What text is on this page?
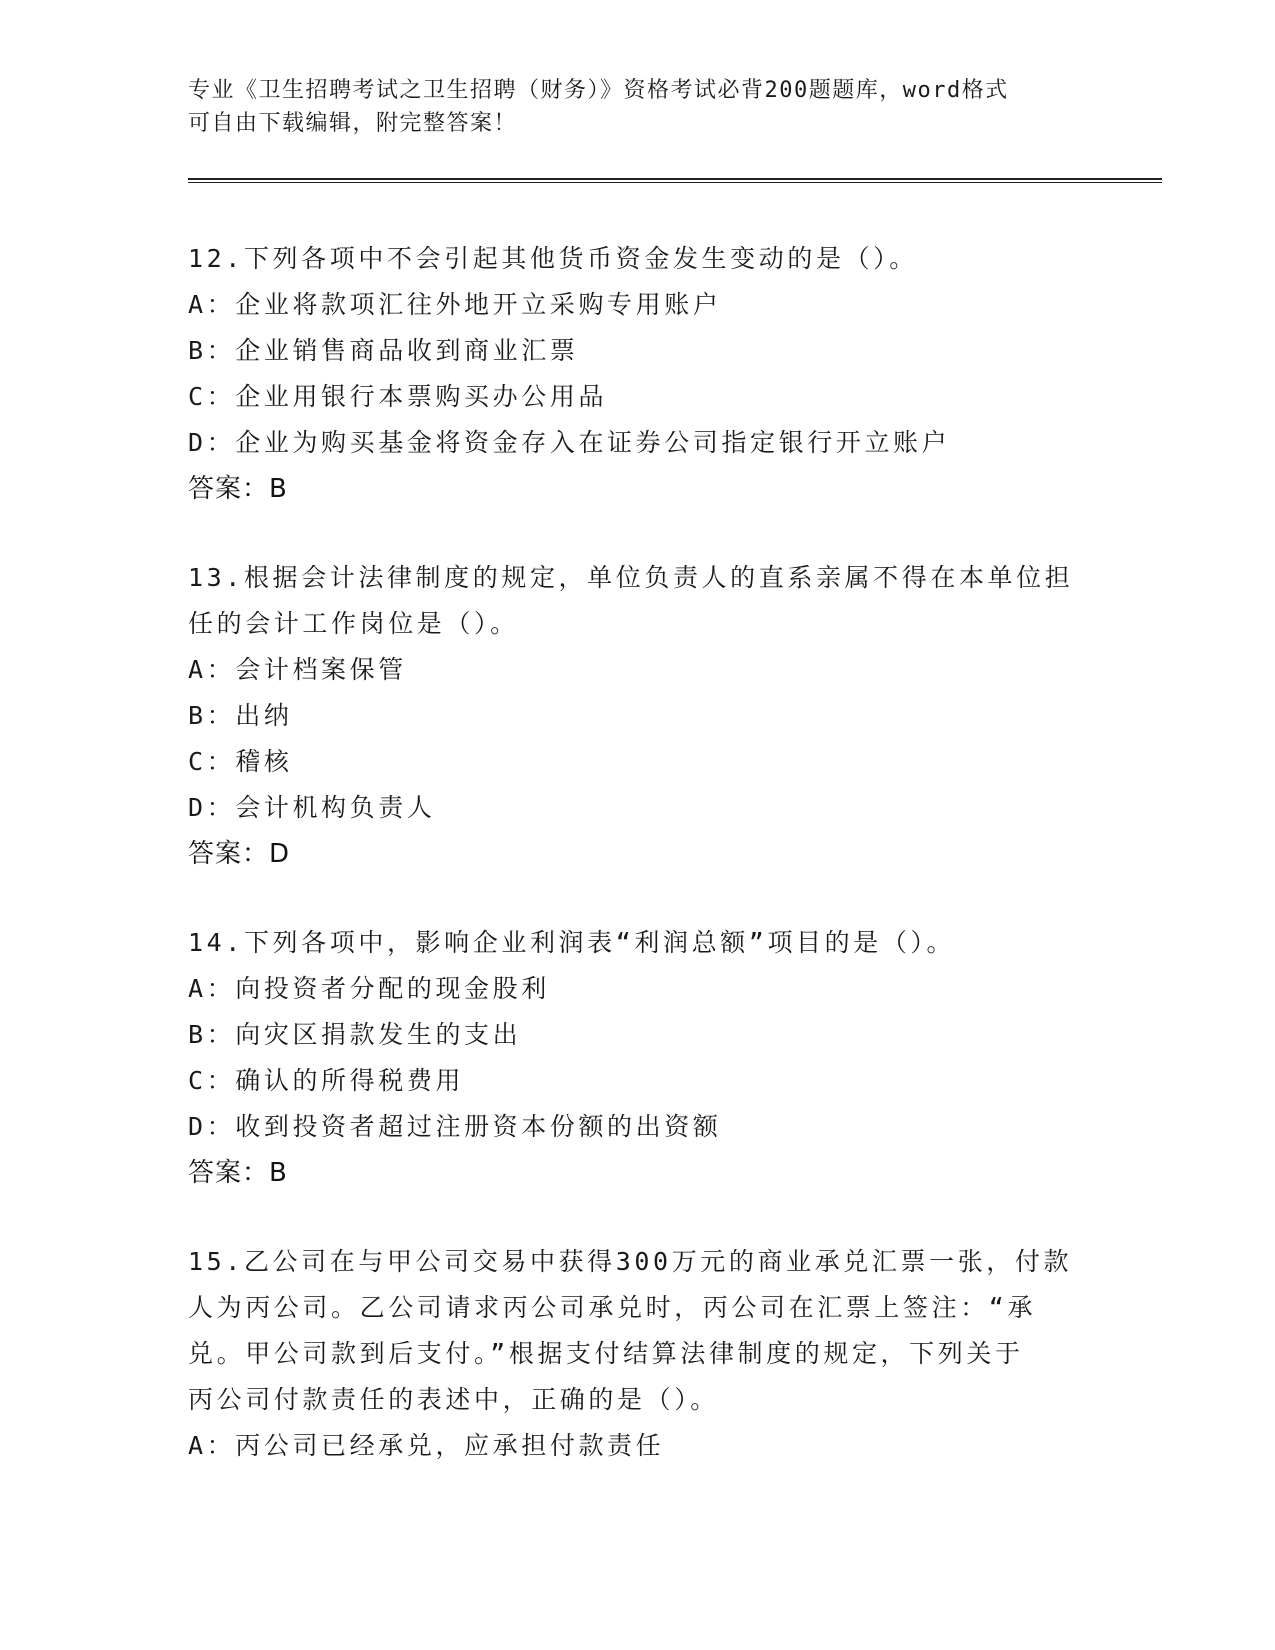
专业《卫生招聘考试之卫生招聘（财务）》资格考试必背200题题库，word格式
可自由下载编辑，附完整答案！
12.下列各项中不会引起其他货币资金发生变动的是（）。
A：企业将款项汇往外地开立采购专用账户
B：企业销售商品收到商业汇票
C：企业用银行本票购买办公用品
D：企业为购买基金将资金存入在证券公司指定银行开立账户
答案：B
13.根据会计法律制度的规定，单位负责人的直系亲属不得在本单位担
任的会计工作岗位是（）。
A：会计档案保管
B：出纳
C：稽核
D：会计机构负责人
答案：D
14.下列各项中，影响企业利润表“利润总额”项目的是（）。
A：向投资者分配的现金股利
B：向灾区捐款发生的支出
C：确认的所得税费用
D：收到投资者超过注册资本份额的出资额
答案：B
15.乙公司在与甲公司交易中获得300万元的商业承兑汇票一张，付款
人为丙公司。乙公司请求丙公司承兑时，丙公司在汇票上签注：“承
兑。甲公司款到后支付。”根据支付结算法律制度的规定，下列关于
丙公司付款责任的表述中，正确的是（）。
A：丙公司已经承兑，应承担付款责任
